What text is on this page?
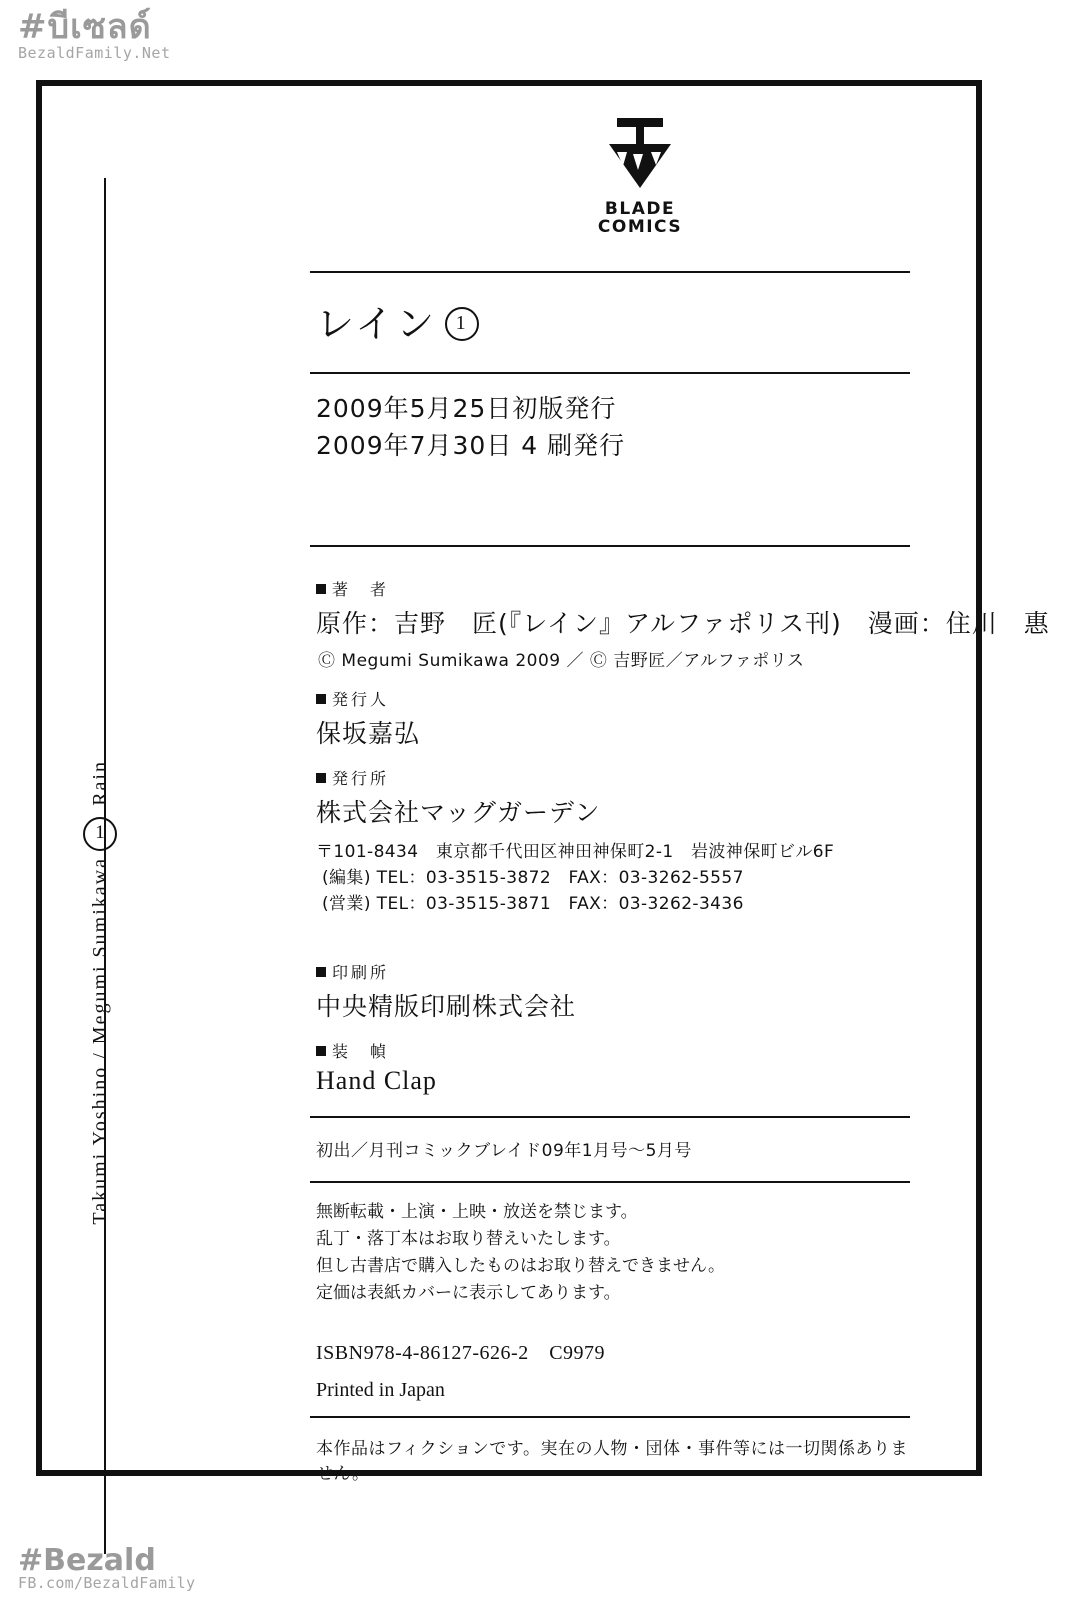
#บีเซลด์
BezaldFamily.Net
Rain
1
Takumi Yoshino / Megumi Sumikawa
BLADE
COMICS
レイン 1
2009年5月25日初版発行
2009年7月30日 4 刷発行
著　者
原作：吉野　匠(『レイン』アルファポリス刊)　漫画：住川　惠
Ⓒ Megumi Sumikawa 2009 ／ Ⓒ 吉野匠／アルファポリス
発行人
保坂嘉弘
発行所
株式会社マッグガーデン
〒101-8434　東京都千代田区神田神保町2-1　岩波神保町ビル6F
(編集) TEL：03-3515-3872　FAX：03-3262-5557
(営業) TEL：03-3515-3871　FAX：03-3262-3436
印刷所
中央精版印刷株式会社
装　幀
Hand Clap
初出／月刊コミックブレイド09年1月号〜5月号
無断転載・上演・上映・放送を禁じます。
乱丁・落丁本はお取り替えいたします。
但し古書店で購入したものはお取り替えできません。
定価は表紙カバーに表示してあります。
ISBN978-4-86127-626-2　C9979
Printed in Japan
本作品はフィクションです。実在の人物・団体・事件等には一切関係ありません。
#Bezald
FB.com/BezaldFamily
